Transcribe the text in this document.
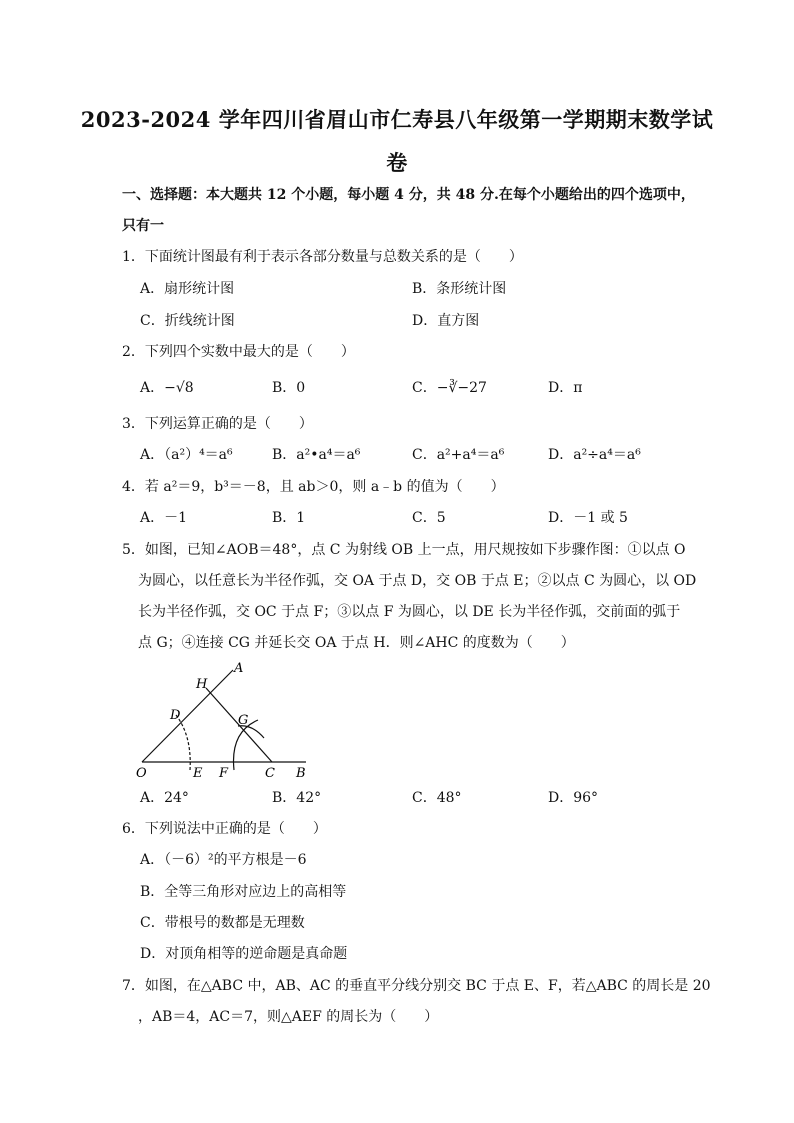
2023-2024 学年四川省眉山市仁寿县八年级第一学期期末数学试
卷
一、选择题：本大题共 12 个小题，每小题 4 分，共 48 分.在每个小题给出的四个选项中，
只有一
1．下面统计图最有利于表示各部分数量与总数关系的是（　　）
A．扇形统计图	B．条形统计图
C．折线统计图	D．直方图
2．下列四个实数中最大的是（　　）
A．−√8	B．0	C．−∛−27	D．π
3．下列运算正确的是（　　）
A．（a²）⁴＝a⁶	B．a²•a⁴＝a⁶	C．a²+a⁴＝a⁶	D．a²÷a⁴＝a⁶
4．若 a²＝9，b³＝－8，且 ab＞0，则 a﹣b 的值为（　　）
A．－1	B．1	C．5	D．－1 或 5
5．如图，已知∠AOB＝48°，点 C 为射线 OB 上一点，用尺规按如下步骤作图：①以点 O
为圆心，以任意长为半径作弧，交 OA 于点 D，交 OB 于点 E；②以点 C 为圆心，以 OD
长为半径作弧，交 OC 于点 F；③以点 F 为圆心，以 DE 长为半径作弧，交前面的弧于
点 G；④连接 CG 并延长交 OA 于点 H．则∠AHC 的度数为（　　）
A
H
D	G
O	E F	C B
A．24°	B．42°	C．48°	D．96°
6．下列说法中正确的是（　　）
A．（－6）²的平方根是－6
B．全等三角形对应边上的高相等
C．带根号的数都是无理数
D．对顶角相等的逆命题是真命题
7．如图，在△ABC 中，AB、AC 的垂直平分线分别交 BC 于点 E、F，若△ABC 的周长是 20
，AB＝4，AC＝7，则△AEF 的周长为（　　）
